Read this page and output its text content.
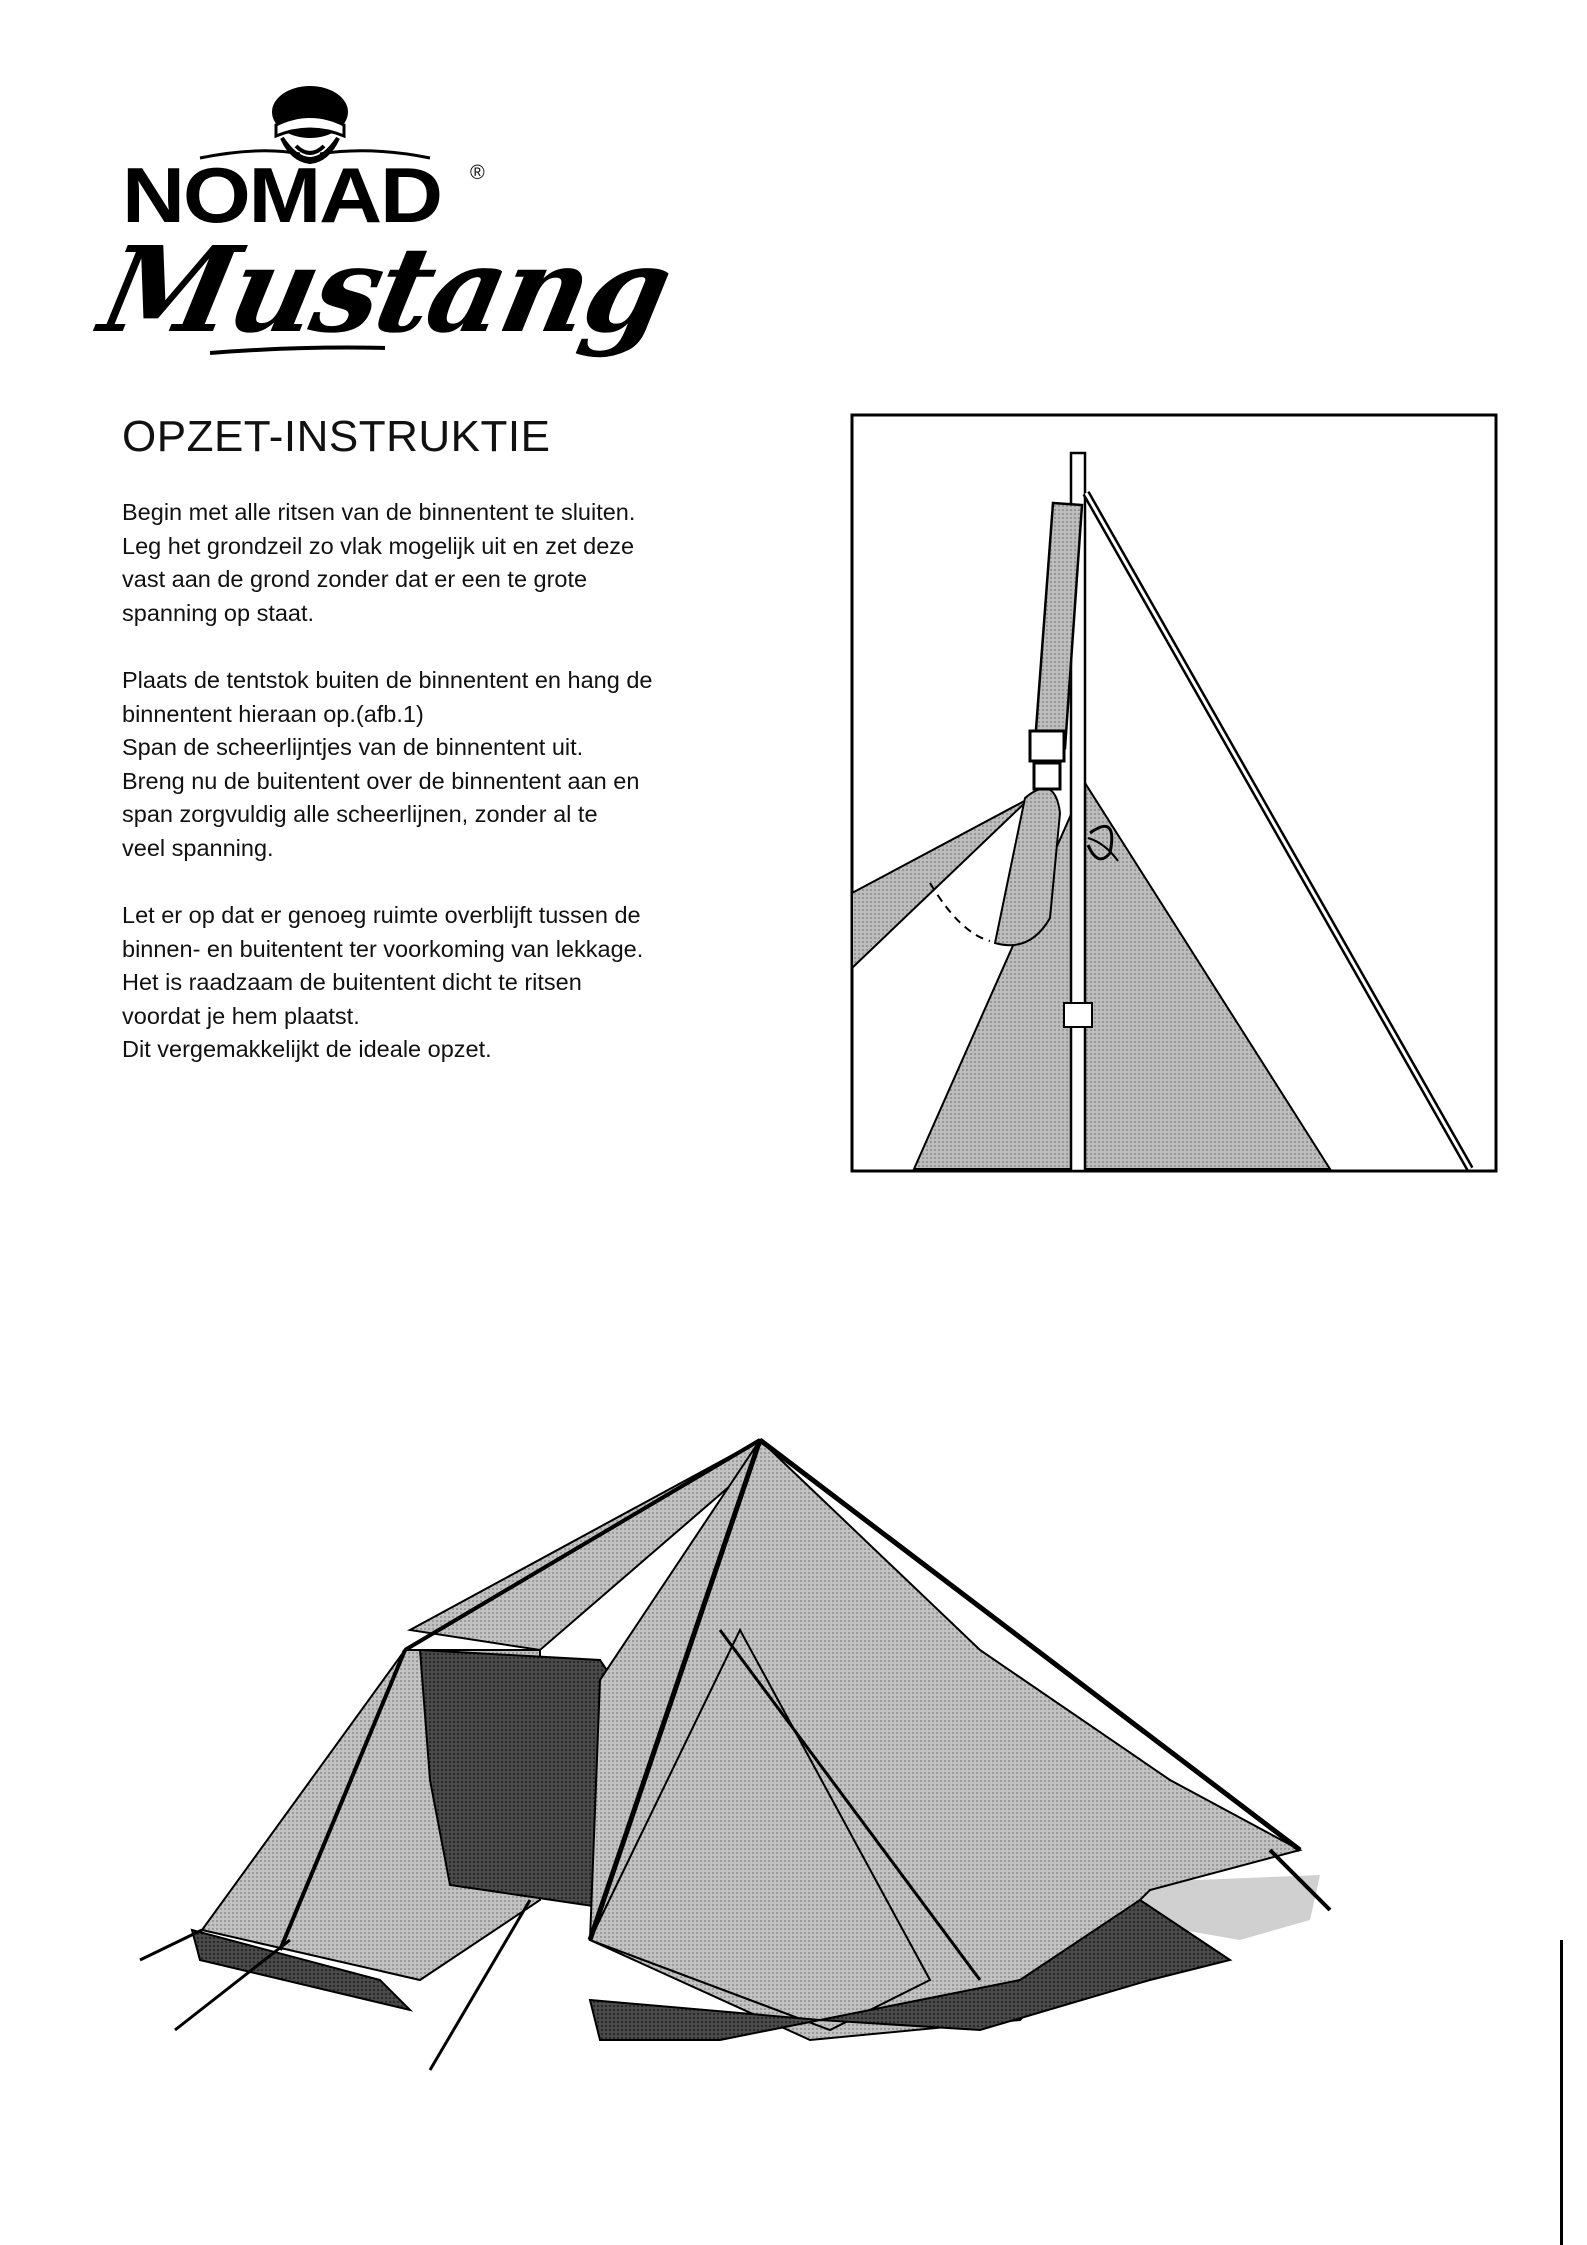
NOMAD ®
Mustang
OPZET-INSTRUKTIE

Begin met alle ritsen van de binnentent te sluiten.
Leg het grondzeil zo vlak mogelijk uit en zet deze
vast aan de grond zonder dat er een te grote
spanning op staat.

Plaats de tentstok buiten de binnentent en hang de
binnentent hieraan op.(afb.1)
Span de scheerlijntjes van de binnentent uit.
Breng nu de buitentent over de binnentent aan en
span zorgvuldig alle scheerlijnen, zonder al te
veel spanning.

Let er op dat er genoeg ruimte overblijft tussen de
binnen- en buitentent ter voorkoming van lekkage.
Het is raadzaam de buitentent dicht te ritsen
voordat je hem plaatst.
Dit vergemakkelijkt de ideale opzet.
